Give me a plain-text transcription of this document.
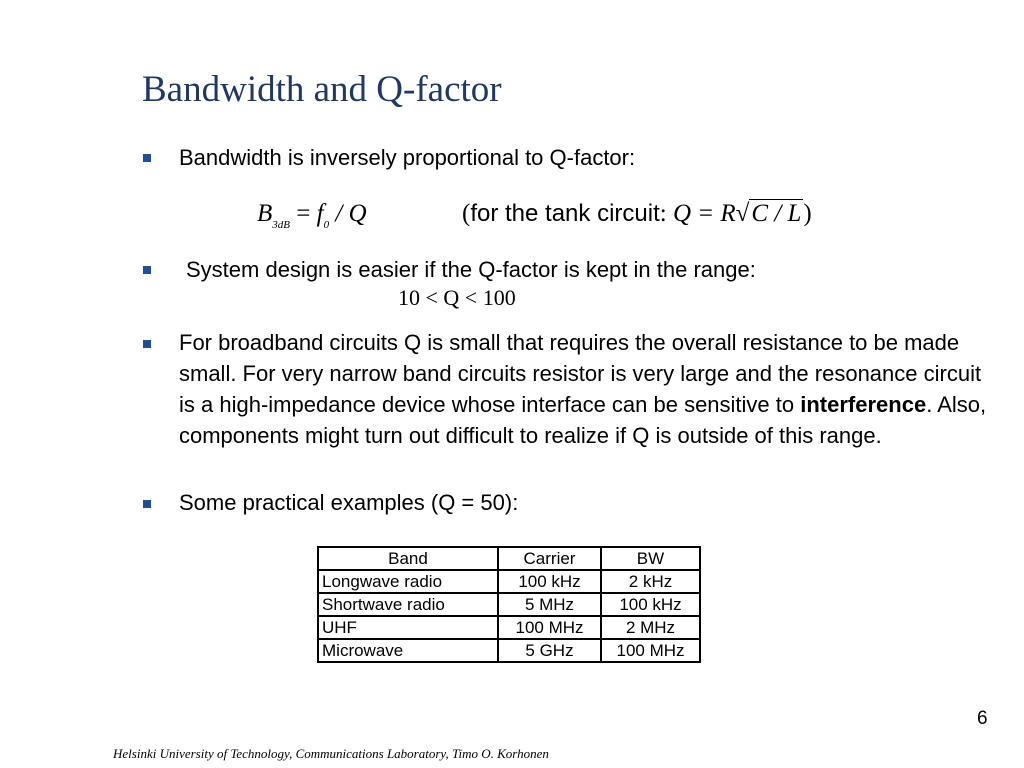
Bandwidth and Q-factor

Bandwidth is inversely proportional to Q-factor:

$B_{3dB} = f_0 / Q$	(for the tank circuit: Q = R√C / L)

System design is easier if the Q-factor is kept in the range:

10 < Q < 100

For broadband circuits Q is small that requires the overall resistance to be made small. For very narrow band circuits resistor is very large and the resonance circuit is a high-impedance device whose interface can be sensitive to interference. Also, components might turn out difficult to realize if Q is outside of this range.

Some practical examples (Q = 50):

Band	Carrier	BW
Longwave radio	100 kHz	2 kHz
Shortwave radio	5 MHz	100 kHz
UHF	100 MHz	2 MHz
Microwave	5 GHz	100 MHz
6
Helsinki University of Technology, Communications Laboratory, Timo O. Korhonen
